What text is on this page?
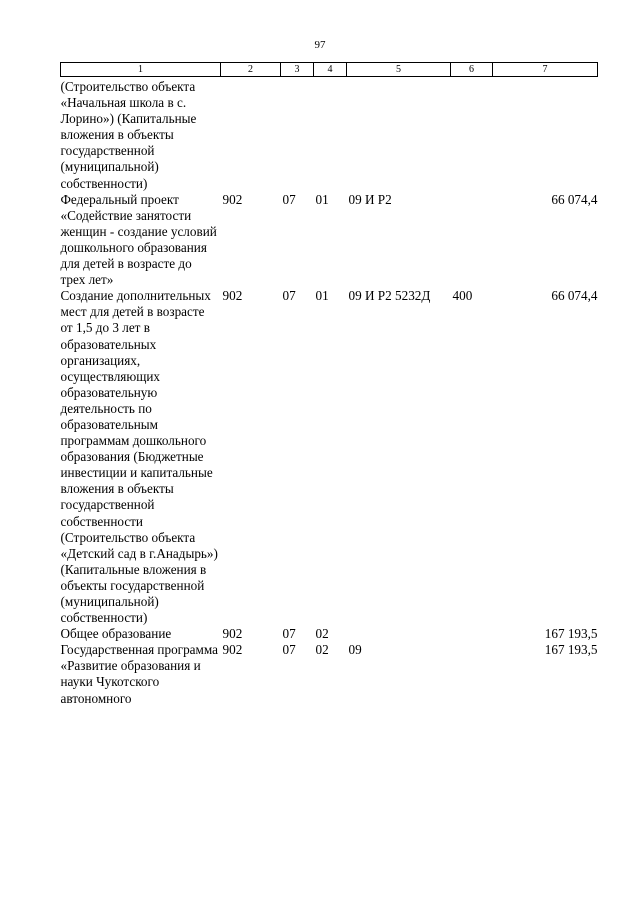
97
1	2	3	4	5	6	7
(Строительство объекта «Начальная школа в с. Лорино») (Капитальные вложения в объекты государственной (муниципальной) собственности)						
Федеральный проект «Содействие занятости женщин - создание условий дошкольного образования для детей в возрасте до трех лет»	902	07	01	09 И Р2		66 074,4
Создание дополнительных мест для детей в возрасте от 1,5 до 3 лет в образовательных организациях, осуществляющих образовательную деятельность по образовательным программам дошкольного образования (Бюджетные инвестиции и капитальные вложения в объекты государственной собственности (Строительство объекта «Детский сад в г.Анадырь») (Капитальные вложения в объекты государственной (муниципальной) собственности)	902	07	01	09 И Р2 5232Д	400	66 074,4
Общее образование	902	07	02			167 193,5
Государственная программа «Развитие образования и науки Чукотского автономного	902	07	02	09		167 193,5
